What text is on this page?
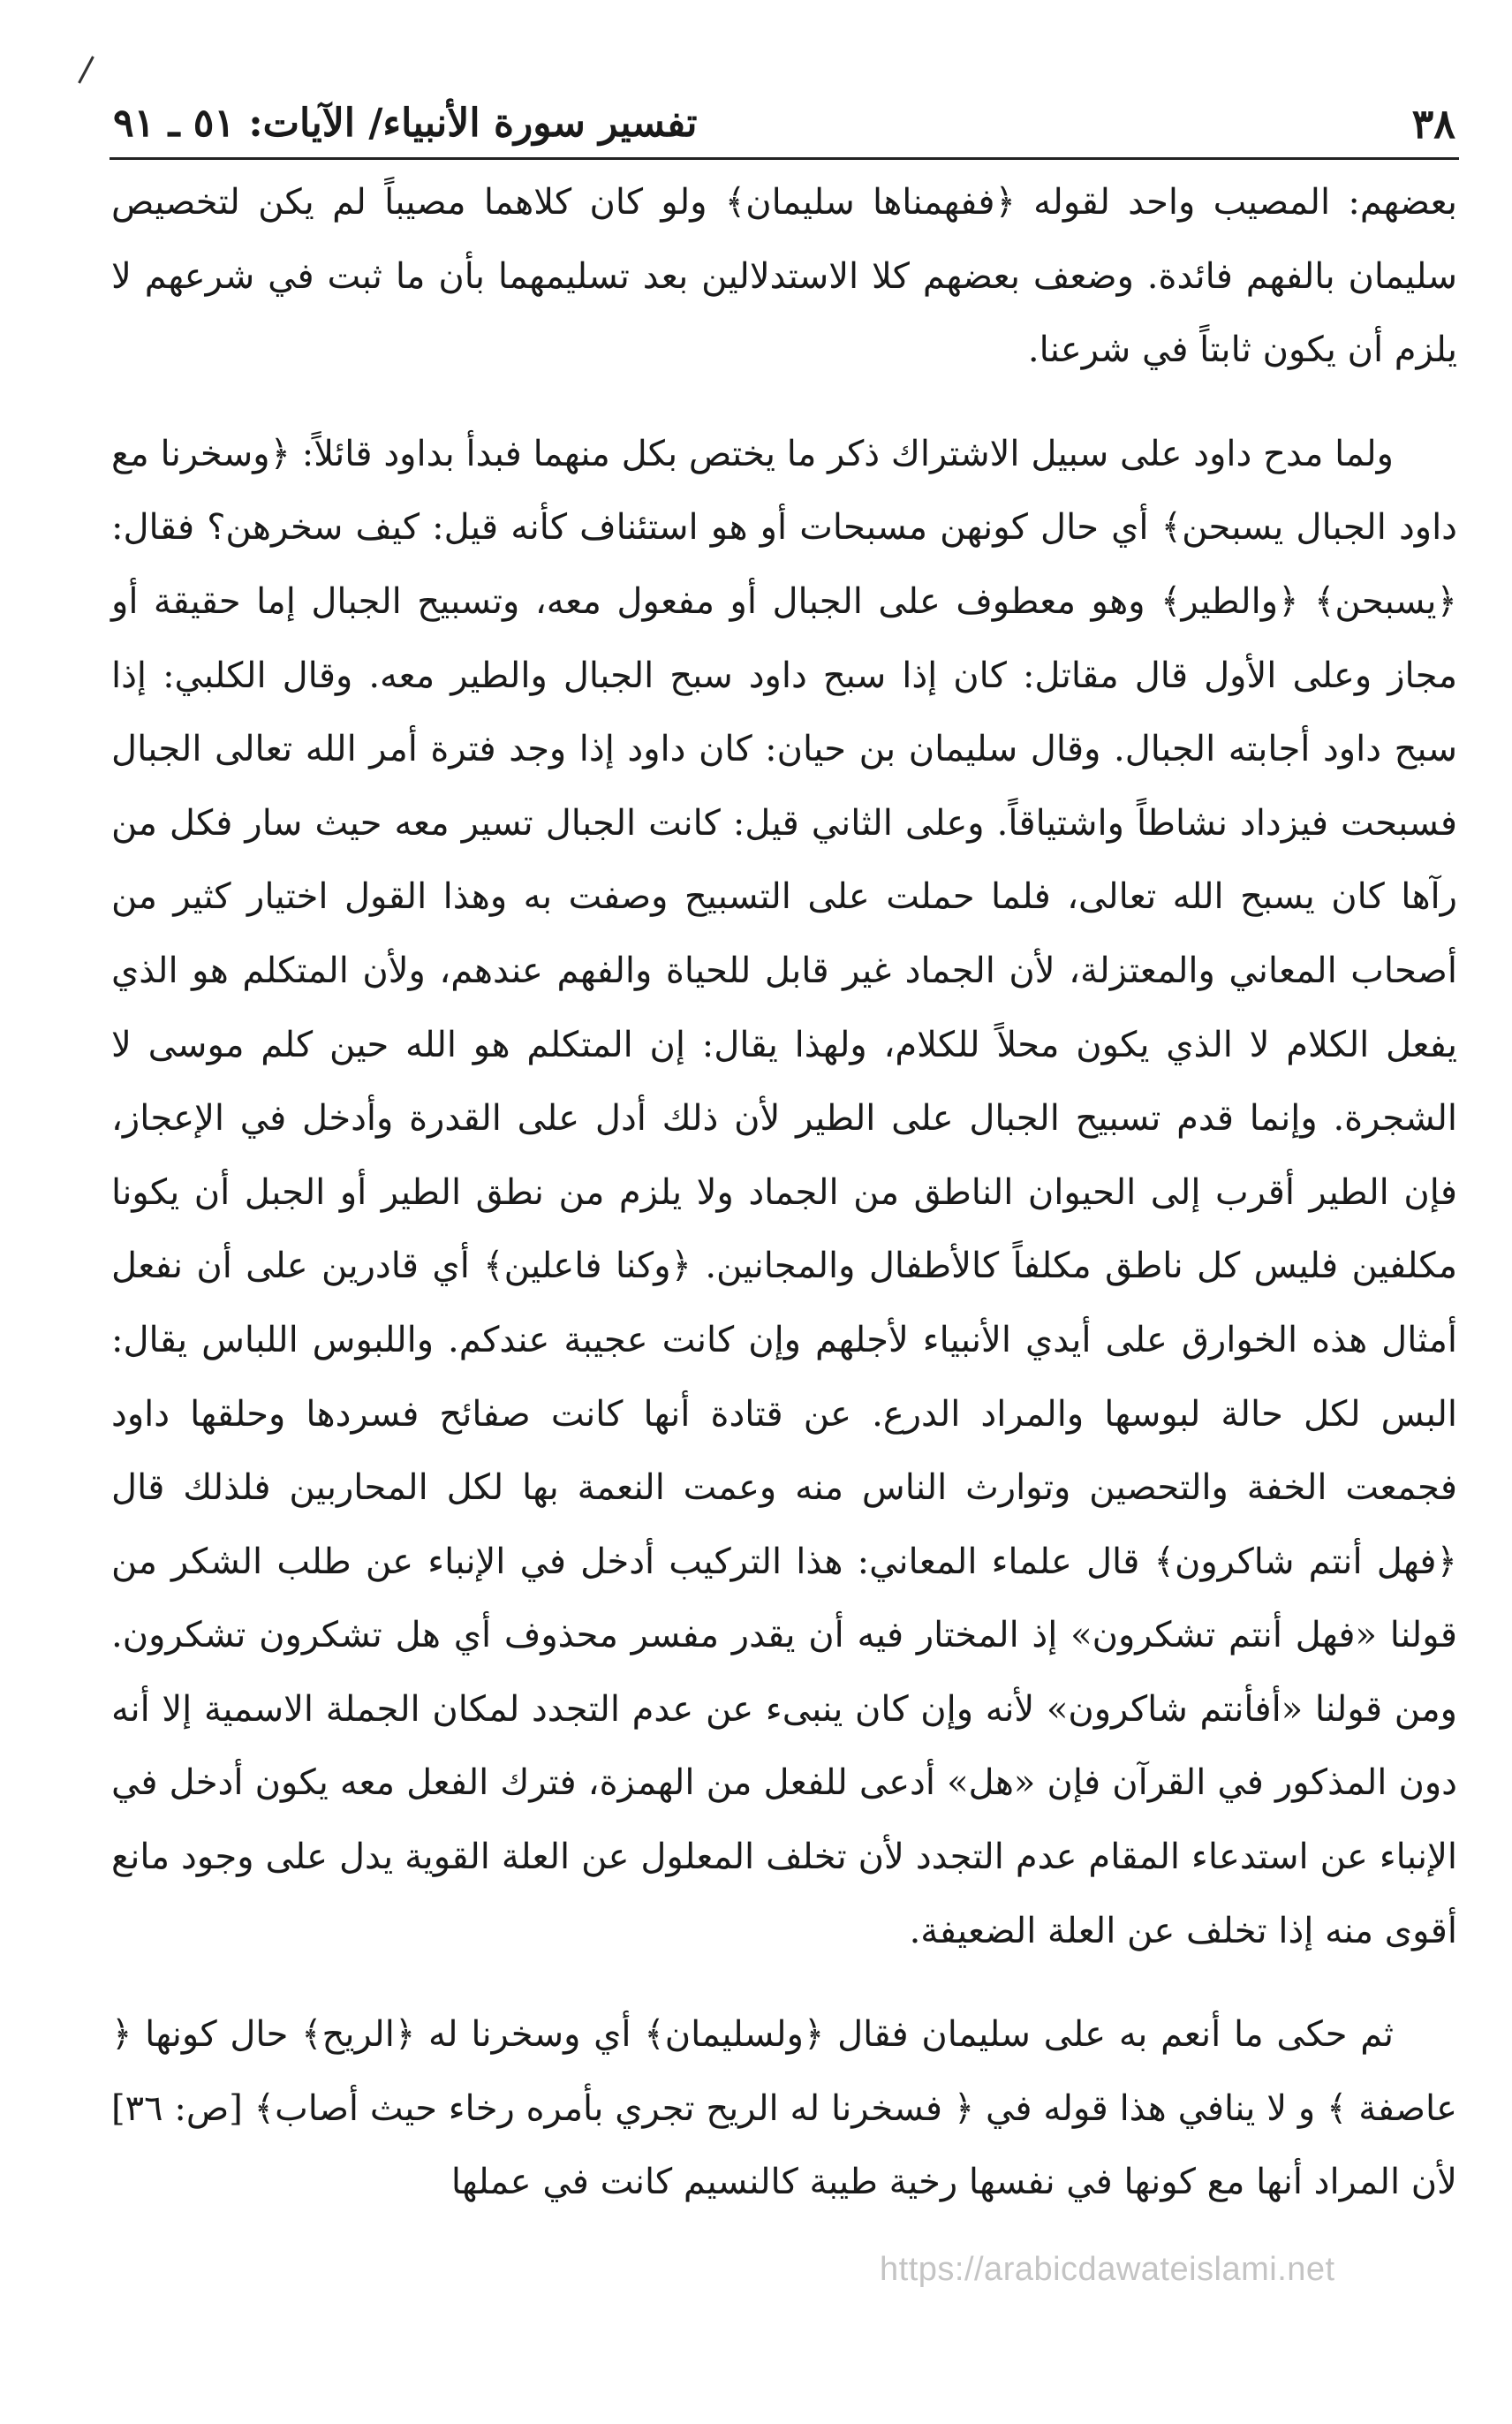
٣٨
تفسير سورة الأنبياء/ الآيات: ٥١ ـ ٩١

بعضهم: المصيب واحد لقوله ﴿ففهمناها سليمان﴾ ولو كان كلاهما مصيباً لم يكن لتخصيص سليمان بالفهم فائدة. وضعف بعضهم كلا الاستدلالين بعد تسليمهما بأن ما ثبت في شرعهم لا يلزم أن يكون ثابتاً في شرعنا.

ولما مدح داود على سبيل الاشتراك ذكر ما يختص بكل منهما فبدأ بداود قائلاً: ﴿وسخرنا مع داود الجبال يسبحن﴾ أي حال كونهن مسبحات أو هو استئناف كأنه قيل: كيف سخرهن؟ فقال: ﴿يسبحن﴾ ﴿والطير﴾ وهو معطوف على الجبال أو مفعول معه، وتسبيح الجبال إما حقيقة أو مجاز وعلى الأول قال مقاتل: كان إذا سبح داود سبح الجبال والطير معه. وقال الكلبي: إذا سبح داود أجابته الجبال. وقال سليمان بن حيان: كان داود إذا وجد فترة أمر الله تعالى الجبال فسبحت فيزداد نشاطاً واشتياقاً. وعلى الثاني قيل: كانت الجبال تسير معه حيث سار فكل من رآها كان يسبح الله تعالى، فلما حملت على التسبيح وصفت به وهذا القول اختيار كثير من أصحاب المعاني والمعتزلة، لأن الجماد غير قابل للحياة والفهم عندهم، ولأن المتكلم هو الذي يفعل الكلام لا الذي يكون محلاً للكلام، ولهذا يقال: إن المتكلم هو الله حين كلم موسى لا الشجرة. وإنما قدم تسبيح الجبال على الطير لأن ذلك أدل على القدرة وأدخل في الإعجاز، فإن الطير أقرب إلى الحيوان الناطق من الجماد ولا يلزم من نطق الطير أو الجبل أن يكونا مكلفين فليس كل ناطق مكلفاً كالأطفال والمجانين. ﴿وكنا فاعلين﴾ أي قادرين على أن نفعل أمثال هذه الخوارق على أيدي الأنبياء لأجلهم وإن كانت عجيبة عندكم. واللبوس اللباس يقال: البس لكل حالة لبوسها والمراد الدرع. عن قتادة أنها كانت صفائح فسردها وحلقها داود فجمعت الخفة والتحصين وتوارث الناس منه وعمت النعمة بها لكل المحاربين فلذلك قال ﴿فهل أنتم شاكرون﴾ قال علماء المعاني: هذا التركيب أدخل في الإنباء عن طلب الشكر من قولنا «فهل أنتم تشكرون» إذ المختار فيه أن يقدر مفسر محذوف أي هل تشكرون تشكرون. ومن قولنا «أفأنتم شاكرون» لأنه وإن كان ينبىء عن عدم التجدد لمكان الجملة الاسمية إلا أنه دون المذكور في القرآن فإن «هل» أدعى للفعل من الهمزة، فترك الفعل معه يكون أدخل في الإنباء عن استدعاء المقام عدم التجدد لأن تخلف المعلول عن العلة القوية يدل على وجود مانع أقوى منه إذا تخلف عن العلة الضعيفة.

ثم حكى ما أنعم به على سليمان فقال ﴿ولسليمان﴾ أي وسخرنا له ﴿الريح﴾ حال كونها ﴿ عاصفة ﴾ و لا ينافي هذا قوله في ﴿ فسخرنا له الريح تجري بأمره رخاء حيث أصاب﴾ [ص: ٣٦] لأن المراد أنها مع كونها في نفسها رخية طيبة كالنسيم كانت في عملها

https://arabicdawateislami.net
